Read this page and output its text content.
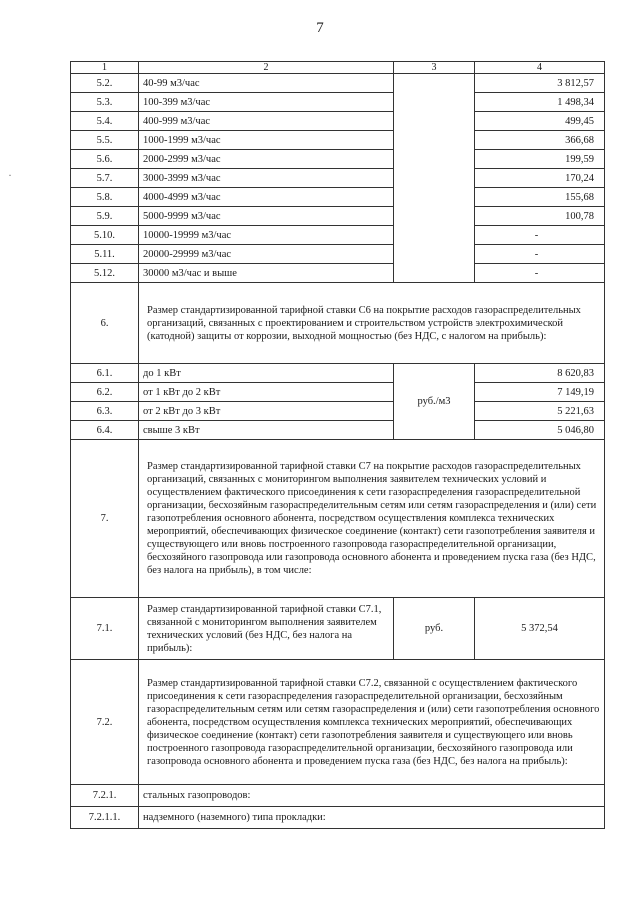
7
·
1	2	3	4
5.2.	40-99 м3/час		3 812,57
5.3.	100-399 м3/час		1 498,34
5.4.	400-999 м3/час		499,45
5.5.	1000-1999 м3/час		366,68
5.6.	2000-2999 м3/час		199,59
5.7.	3000-3999 м3/час		170,24
5.8.	4000-4999 м3/час		155,68
5.9.	5000-9999 м3/час		100,78
5.10.	10000-19999 м3/час		-
5.11.	20000-29999 м3/час		-
5.12.	30000 м3/час и выше		-
6.	Размер стандартизированной тарифной ставки С6 на покрытие расходов газораспределительных организаций, связанных с проектированием и строительством устройств электрохимической (катодной) защиты от коррозии, выходной мощностью (без НДС, с налогом на прибыль):		
6.1.	до 1 кВт	руб./м3	8 620,83
6.2.	от 1 кВт до 2 кВт		7 149,19
6.3.	от 2 кВт до 3 кВт		5 221,63
6.4.	свыше 3 кВт		5 046,80
7.	Размер стандартизированной тарифной ставки С7 на покрытие расходов газораспределительных организаций, связанных с мониторингом выполнения заявителем технических условий и осуществлением фактического присоединения к сети газораспределения газораспределительной организации, бесхозяйным газораспределительным сетям или сетям газораспределения и (или) сети газопотребления основного абонента, посредством осуществления комплекса технических мероприятий, обеспечивающих физическое соединение (контакт) сети газопотребления заявителя и существующего или вновь построенного газопровода газораспределительной организации, бесхозяйного газопровода или газопровода основного абонента и проведением пуска газа (без НДС, без налога на прибыль), в том числе:		
7.1.	Размер стандартизированной тарифной ставки С7.1, связанной с мониторингом выполнения заявителем технических условий (без НДС, без налога на прибыль):	руб.	5 372,54
7.2.	Размер стандартизированной тарифной ставки С7.2, связанной с осуществлением фактического присоединения к сети газораспределения газораспределительной организации, бесхозяйным газораспределительным сетям или сетям газораспределения и (или) сети газопотребления основного абонента, посредством осуществления комплекса технических мероприятий, обеспечивающих физическое соединение (контакт) сети газопотребления заявителя и существующего или вновь построенного газопровода газораспределительной организации, бесхозяйного газопровода или газопровода основного абонента и проведением пуска газа (без НДС, без налога на прибыль):		
7.2.1.	стальных газопроводов:		
7.2.1.1.	надземного (наземного) типа прокладки:		
